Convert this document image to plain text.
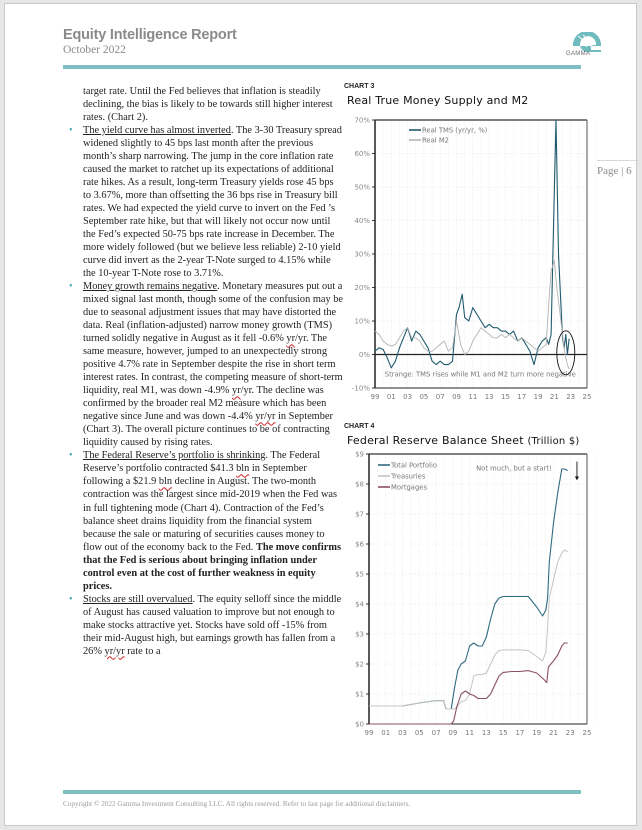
Equity Intelligence Report
October 2022	GAMMA
Page | 6

target rate. Until the Fed believes that inflation is steadily declining, the bias is likely to be towards still higher interest rates. (Chart 2).

• The yield curve has almost inverted. The 3-30 Treasury spread widened slightly to 45 bps last month after the previous month’s sharp narrowing. The jump in the core inflation rate caused the market to ratchet up its expectations of additional rate hikes. As a result, long-term Treasury yields rose 45 bps to 3.67%, more than offsetting the 36 bps rise in Treasury bill rates. We had expected the yield curve to invert on the Fed ’s September rate hike, but that will likely not occur now until the Fed’s expected 50-75 bps rate increase in December. The more widely followed (but we believe less reliable) 2-10 yield curve did invert as the 2-year T-Note surged to 4.15% while the 10-year T-Note rose to 3.71%.

• Money growth remains negative. Monetary measures put out a mixed signal last month, though some of the confusion may be due to seasonal adjustment issues that may have distorted the data. Real (inflation-adjusted) narrow money growth (TMS) turned solidly negative in August as it fell -0.6% yr/yr. The same measure, however, jumped to an unexpectedly strong positive 4.7% rate in September despite the rise in short term interest rates. In contrast, the competing measure of short-term liquidity, real M1, was down -4.9% yr/yr. The decline was confirmed by the broader real M2 measure which has been negative since June and was down -4.4% yr/yr in September (Chart 3). The overall picture continues to be of contracting liquidity caused by rising rates.

• The Federal Reserve’s portfolio is shrinking. The Federal Reserve’s portfolio contracted $41.3 bln in September following a $21.9 bln decline in August. The two-month contraction was the largest since mid-2019 when the Fed was in full tightening mode (Chart 4). Contraction of the Fed’s balance sheet drains liquidity from the financial system because the sale or maturing of securities causes money to flow out of the economy back to the Fed. The move confirms that the Fed is serious about bringing inflation under control even at the cost of further weakness in equity prices.

• Stocks are still overvalued. The equity selloff since the middle of August has caused valuation to improve but not enough to make stocks attractive yet. Stocks have sold off -15% from their mid-August high, but earnings growth has fallen from a 26% yr/yr rate to a

CHART 3
Real True Money Supply and M2
70%
60%
50%
40%
30%
20%
10%
0%
-10%
99 01 03 05 07 09 11 13 15 17 19 21 23 25
Real TMS (yr/yr, %)
Real M2
Strange: TMS rises while M1 and M2 turn more negative
CHART 4
Federal Reserve Balance Sheet (Trillion $)
$9
$8
$7
$6
$5
$4
$3
$2
$1
$0
99 01 03 05 07 09 11 13 15 17 19 21 23 25
Total Portfolio
Treasuries
Mortgages
Not much, but a start!
Copyright © 2022 Gamma Investment Consulting LLC. All rights reserved. Refer to last page for additional disclaimers.
